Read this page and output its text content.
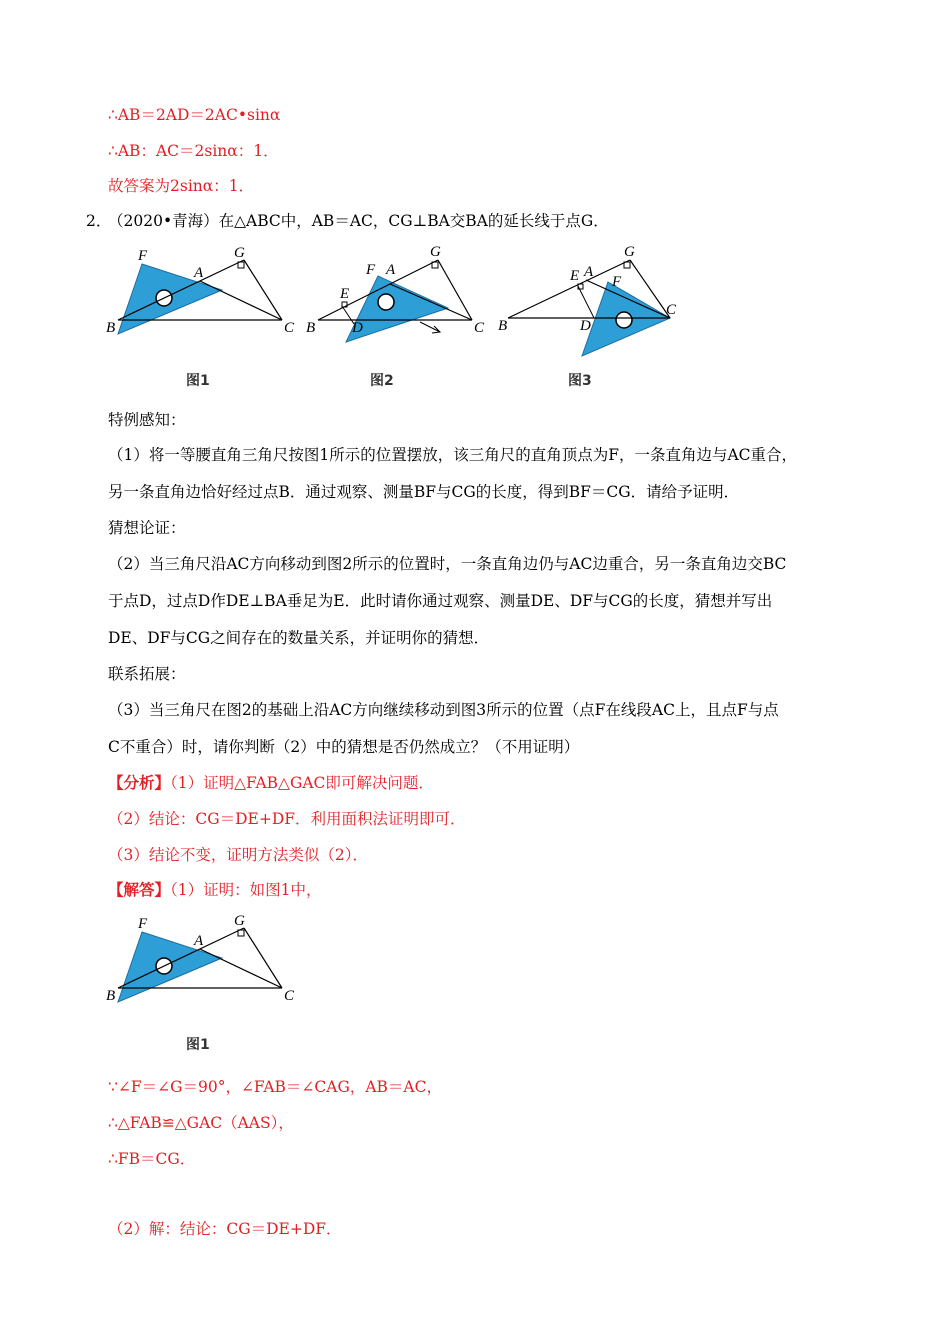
∴AB＝2AD＝2AC•sinα
∴AB：AC＝2sinα：1．
故答案为2sinα：1．
2．
（2020•青海）在△ABC中，AB＝AC，CG⊥BA交BA的延长线于点G．
F
A
G
B	C
图1
F A
G
E
B D	C
图2
E A
G
F
B	D
C
图3
特例感知：
（1）将一等腰直角三角尺按图1所示的位置摆放，该三角尺的直角顶点为F，一条直角边与AC重合，
另一条直角边恰好经过点B．通过观察、测量BF与CG的长度，得到BF＝CG．请给予证明．
猜想论证：
（2）当三角尺沿AC方向移动到图2所示的位置时，一条直角边仍与AC边重合，另一条直角边交BC
于点D，过点D作DE⊥BA垂足为E．此时请你通过观察、测量DE、DF与CG的长度，猜想并写出
DE、DF与CG之间存在的数量关系，并证明你的猜想．
联系拓展：
（3）当三角尺在图2的基础上沿AC方向继续移动到图3所示的位置（点F在线段AC上，且点F与点
C不重合）时，请你判断（2）中的猜想是否仍然成立？（不用证明）
【分析】（1）证明△FAB△GAC即可解决问题．
（2）结论：CG＝DE+DF．利用面积法证明即可．
（3）结论不变，证明方法类似（2）．
【解答】（1）证明：如图1中，
F
A
G
B	C
图1
∵∠F＝∠G＝90°，∠FAB＝∠CAG，AB＝AC，
∴△FAB≌△GAC（AAS），
∴FB＝CG．
（2）解：结论：CG＝DE+DF．
